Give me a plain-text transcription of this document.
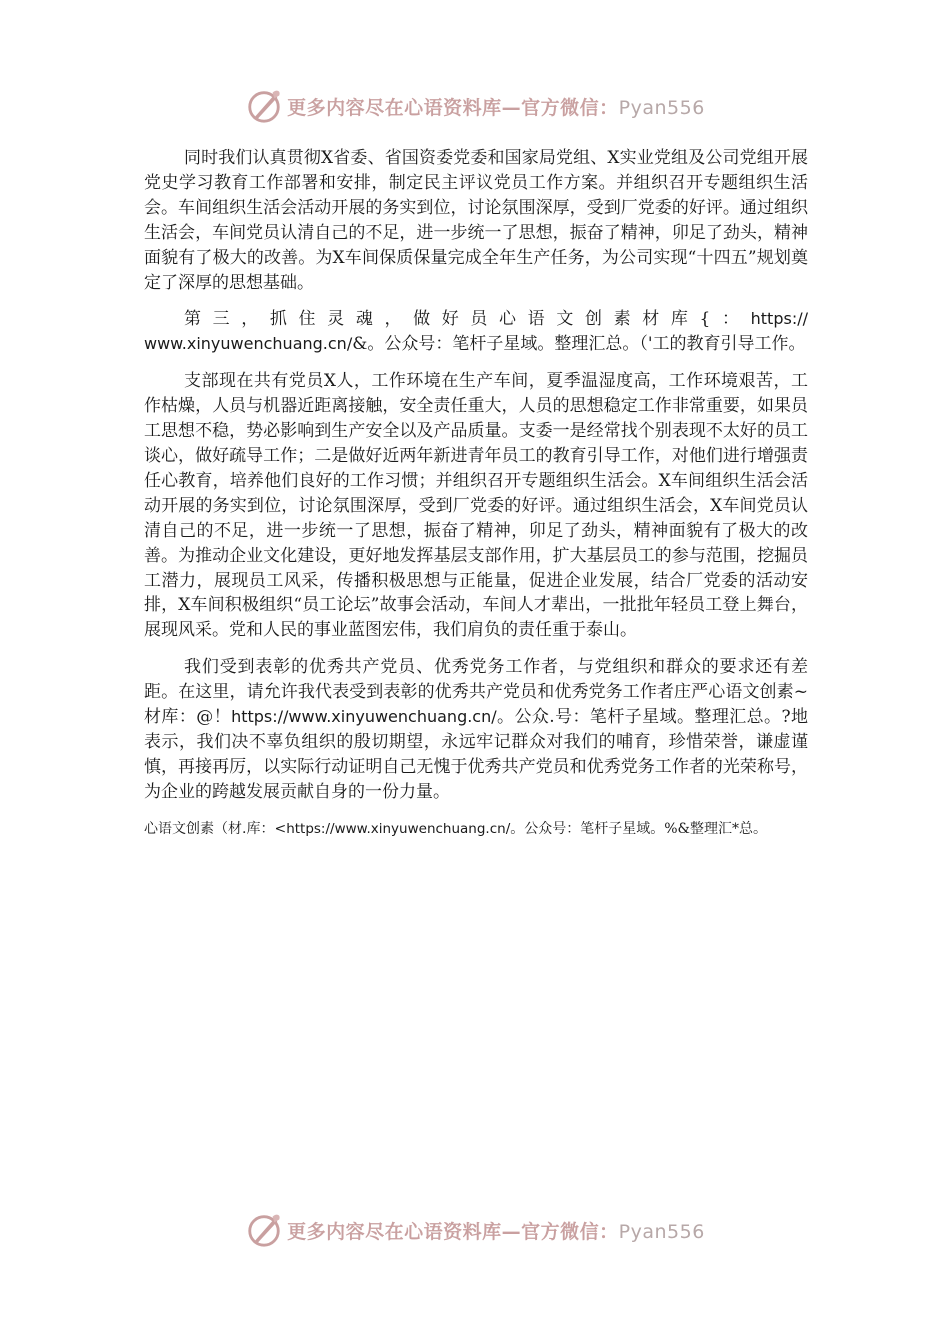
更多内容尽在心语资料库—官方微信：Pyan556

同时我们认真贯彻X省委、省国资委党委和国家局党组、X实业党组及公司党组开展党史学习教育工作部署和安排，制定民主评议党员工作方案。并组织召开专题组织生活会。车间组织生活会活动开展的务实到位，讨论氛围深厚，受到厂党委的好评。通过组织生活会，车间党员认清自己的不足，进一步统一了思想，振奋了精神，卯足了劲头，精神面貌有了极大的改善。为X车间保质保量完成全年生产任务，为公司实现“十四五”规划奠定了深厚的思想基础。

第三，抓住灵魂，做好员心语文创素材库{：https://www.xinyuwenchuang.cn/&。公众号：笔杆子星域。整理汇总。（'工的教育引导工作。

支部现在共有党员X人，工作环境在生产车间，夏季温湿度高，工作环境艰苦，工作枯燥，人员与机器近距离接触，安全责任重大，人员的思想稳定工作非常重要，如果员工思想不稳，势必影响到生产安全以及产品质量。支委一是经常找个别表现不太好的员工谈心，做好疏导工作；二是做好近两年新进青年员工的教育引导工作，对他们进行增强责任心教育，培养他们良好的工作习惯；并组织召开专题组织生活会。X车间组织生活会活动开展的务实到位，讨论氛围深厚，受到厂党委的好评。通过组织生活会，X车间党员认清自己的不足，进一步统一了思想，振奋了精神，卯足了劲头，精神面貌有了极大的改善。为推动企业文化建设，更好地发挥基层支部作用，扩大基层员工的参与范围，挖掘员工潜力，展现员工风采，传播积极思想与正能量，促进企业发展，结合厂党委的活动安排，X车间积极组织“员工论坛”故事会活动，车间人才辈出，一批批年轻员工登上舞台，展现风采。党和人民的事业蓝图宏伟，我们肩负的责任重于泰山。

我们受到表彰的优秀共产党员、优秀党务工作者，与党组织和群众的要求还有差距。在这里，请允许我代表受到表彰的优秀共产党员和优秀党务工作者庄严心语文创素~材库：@！https://www.xinyuwenchuang.cn/。公众.号：笔杆子星域。整理汇总。?地表示，我们决不辜负组织的殷切期望，永远牢记群众对我们的哺育，珍惜荣誉，谦虚谨慎，再接再厉，以实际行动证明自己无愧于优秀共产党员和优秀党务工作者的光荣称号，为企业的跨越发展贡献自身的一份力量。

心语文创素（材.库：<https://www.xinyuwenchuang.cn/。公众号：笔杆子星域。%&整理汇*总。

更多内容尽在心语资料库—官方微信：Pyan556
